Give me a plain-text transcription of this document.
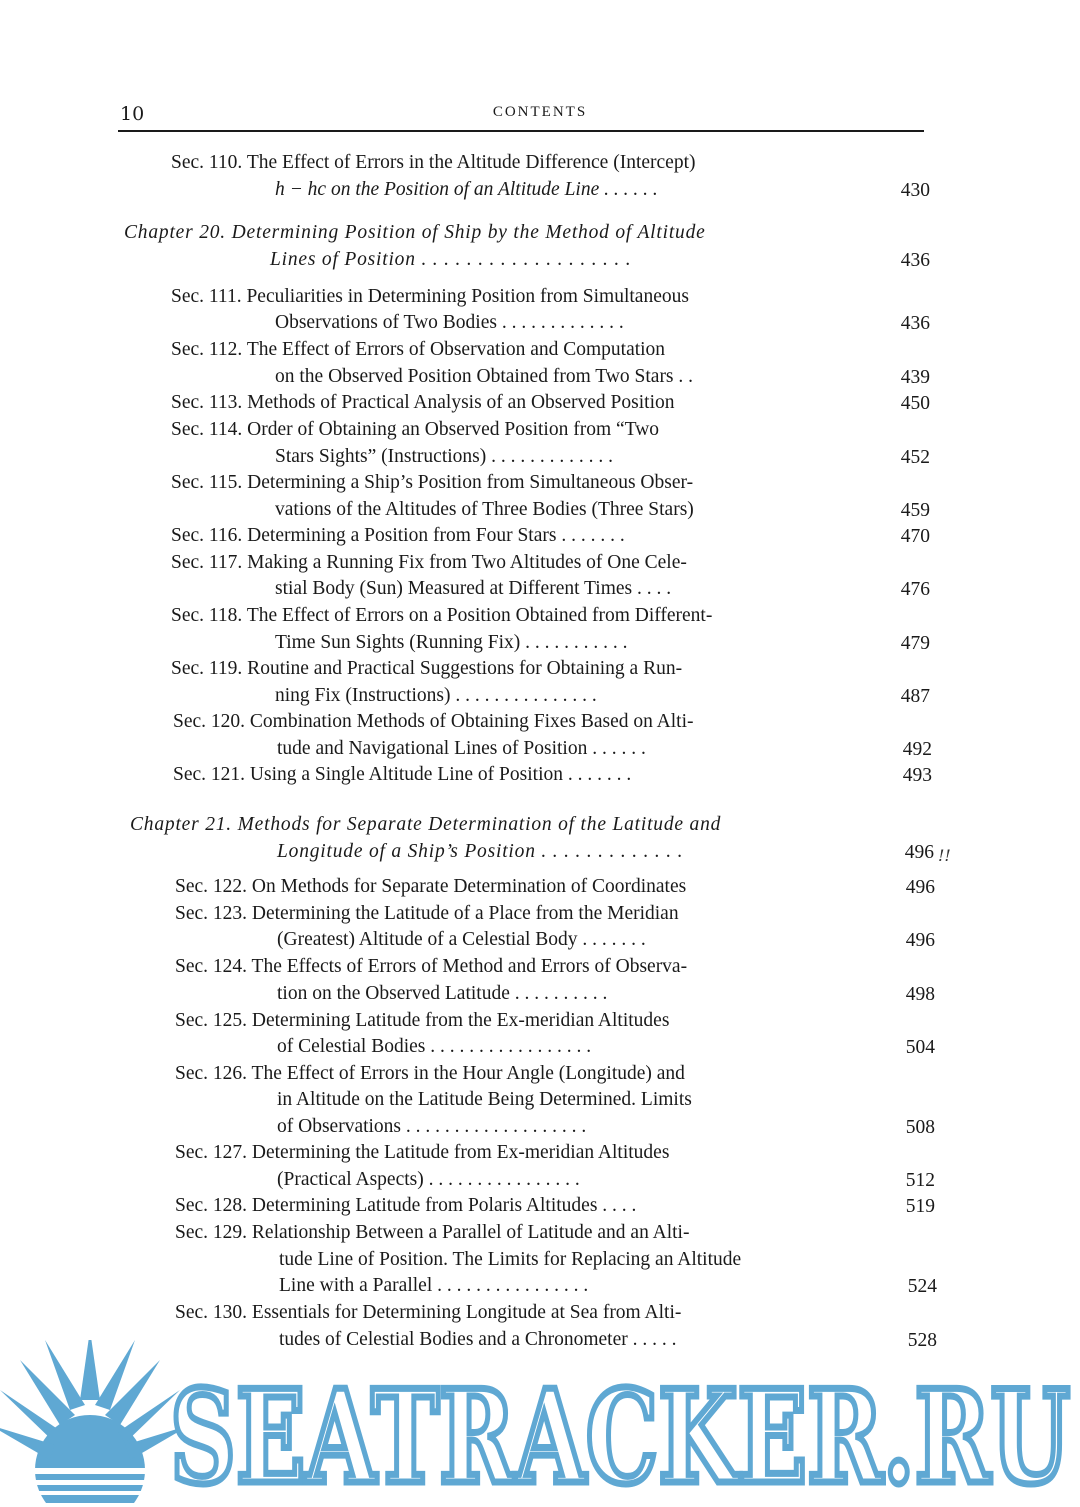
10	CONTENTS
Sec. 110. The Effect of Errors in the Altitude Difference (Intercept)
h − hc on the Position of an Altitude Line . . . . . .	430
Chapter 20. Determining Position of Ship by the Method of Altitude
Lines of Position . . . . . . . . . . . . . . . . . . .	436
Sec. 111. Peculiarities in Determining Position from Simultaneous
Observations of Two Bodies . . . . . . . . . . . . .	436
Sec. 112. The Effect of Errors of Observation and Computation
on the Observed Position Obtained from Two Stars . .	439
Sec. 113. Methods of Practical Analysis of an Observed Position	450
Sec. 114. Order of Obtaining an Observed Position from “Two
Stars Sights” (Instructions) . . . . . . . . . . . . .	452
Sec. 115. Determining a Ship’s Position from Simultaneous Obser-
vations of the Altitudes of Three Bodies (Three Stars)	459
Sec. 116. Determining a Position from Four Stars . . . . . . .	470
Sec. 117. Making a Running Fix from Two Altitudes of One Cele-
stial Body (Sun) Measured at Different Times . . . .	476
Sec. 118. The Effect of Errors on a Position Obtained from Different-
Time Sun Sights (Running Fix) . . . . . . . . . . .	479
Sec. 119. Routine and Practical Suggestions for Obtaining a Run-
ning Fix (Instructions) . . . . . . . . . . . . . . .	487
Sec. 120. Combination Methods of Obtaining Fixes Based on Alti-
tude and Navigational Lines of Position . . . . . .	492
Sec. 121. Using a Single Altitude Line of Position . . . . . . .	493
Chapter 21. Methods for Separate Determination of the Latitude and
Longitude of a Ship’s Position . . . . . . . . . . . . .	496 !!
Sec. 122. On Methods for Separate Determination of Coordinates	496
Sec. 123. Determining the Latitude of a Place from the Meridian
(Greatest) Altitude of a Celestial Body . . . . . . .	496
Sec. 124. The Effects of Errors of Method and Errors of Observa-
tion on the Observed Latitude . . . . . . . . . .	498
Sec. 125. Determining Latitude from the Ex-meridian Altitudes
of Celestial Bodies . . . . . . . . . . . . . . . . .	504
Sec. 126. The Effect of Errors in the Hour Angle (Longitude) and
in Altitude on the Latitude Being Determined. Limits
of Observations . . . . . . . . . . . . . . . . . . .	508
Sec. 127. Determining the Latitude from Ex-meridian Altitudes
(Practical Aspects) . . . . . . . . . . . . . . . .	512
Sec. 128. Determining Latitude from Polaris Altitudes . . . .	519
Sec. 129. Relationship Between a Parallel of Latitude and an Alti-
tude Line of Position. The Limits for Replacing an Altitude
Line with a Parallel . . . . . . . . . . . . . . . .	524
Sec. 130. Essentials for Determining Longitude at Sea from Alti-
tudes of Celestial Bodies and a Chronometer . . . . .	528
SEATRACKER.RU
